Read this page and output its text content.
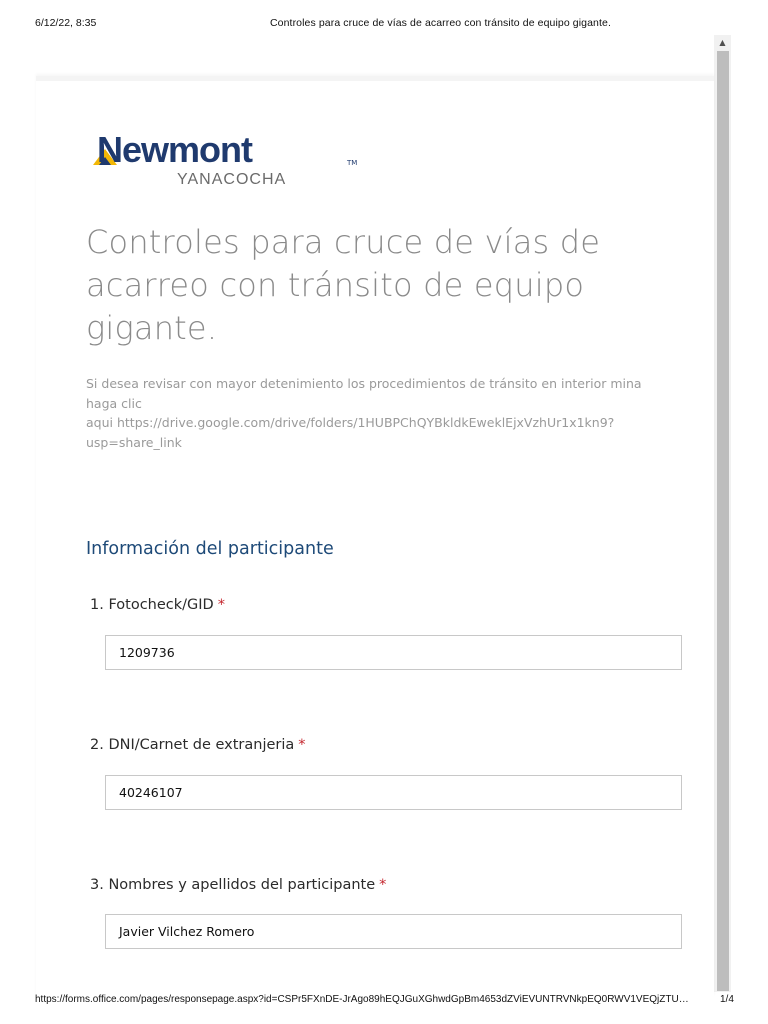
6/12/22, 8:35	Controles para cruce de vías de acarreo con tránsito de equipo gigante.
▲
Newmont	TM
YANACOCHA
Controles para cruce de vías de acarreo con tránsito de equipo gigante.
Si desea revisar con mayor detenimiento los procedimientos de tránsito en interior mina haga clic
aqui https://drive.google.com/drive/folders/1HUBPChQYBkldkEweklEjxVzhUr1x1kn9?usp=share_link
Información del participante
1. Fotocheck/GID *
1209736
2. DNI/Carnet de extranjeria *
40246107
3. Nombres y apellidos del participante *
Javier Vilchez Romero
https://forms.office.com/pages/responsepage.aspx?id=CSPr5FXnDE-JrAgo89hEQJGuXGhwdGpBm4653dZViEVUNTRVNkpEQ0RWV1VEQjZTU…	1/4
